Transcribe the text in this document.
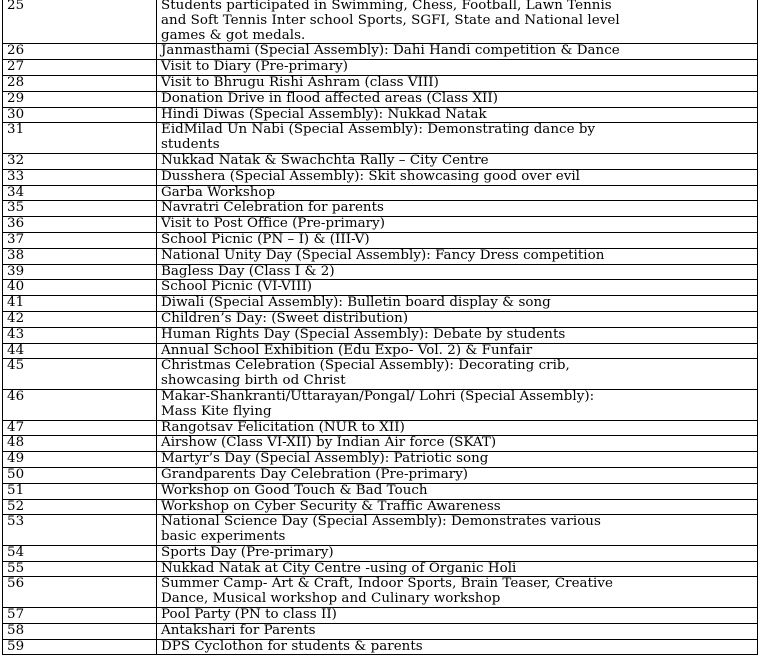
25	Students participated in Swimming, Chess, Football, Lawn Tennis
and Soft Tennis Inter school Sports, SGFI, State and National level
games & got medals.

26	Janmasthami (Special Assembly): Dahi Handi competition & Dance

27	Visit to Diary (Pre-primary)

28	Visit to Bhrugu Rishi Ashram (class VIII)

29	Donation Drive in flood affected areas (Class XII)

30	Hindi Diwas (Special Assembly): Nukkad Natak

31	EidMilad Un Nabi (Special Assembly): Demonstrating dance by
students

32	Nukkad Natak & Swachchta Rally – City Centre

33	Dusshera (Special Assembly): Skit showcasing good over evil

34	Garba Workshop

35	Navratri Celebration for parents

36	Visit to Post Office (Pre-primary)

37	School Picnic (PN – I) & (III-V)

38	National Unity Day (Special Assembly): Fancy Dress competition

39	Bagless Day (Class I & 2)

40	School Picnic (VI-VIII)

41	Diwali (Special Assembly): Bulletin board display & song

42	Children’s Day: (Sweet distribution)

43	Human Rights Day (Special Assembly): Debate by students

44	Annual School Exhibition (Edu Expo- Vol. 2) & Funfair

45	Christmas Celebration (Special Assembly): Decorating crib,
showcasing birth od Christ

46	Makar-Shankranti/Uttarayan/Pongal/ Lohri (Special Assembly):
Mass Kite flying

47	Rangotsav Felicitation (NUR to XII)

48	Airshow (Class VI-XII) by Indian Air force (SKAT)

49	Martyr’s Day (Special Assembly): Patriotic song

50	Grandparents Day Celebration (Pre-primary)

51	Workshop on Good Touch & Bad Touch

52	Workshop on Cyber Security & Traffic Awareness

53	National Science Day (Special Assembly): Demonstrates various
basic experiments

54	Sports Day (Pre-primary)

55	Nukkad Natak at City Centre -using of Organic Holi

56	Summer Camp- Art & Craft, Indoor Sports, Brain Teaser, Creative
Dance, Musical workshop and Culinary workshop

57	Pool Party (PN to class II)

58	Antakshari for Parents

59	DPS Cyclothon for students & parents
